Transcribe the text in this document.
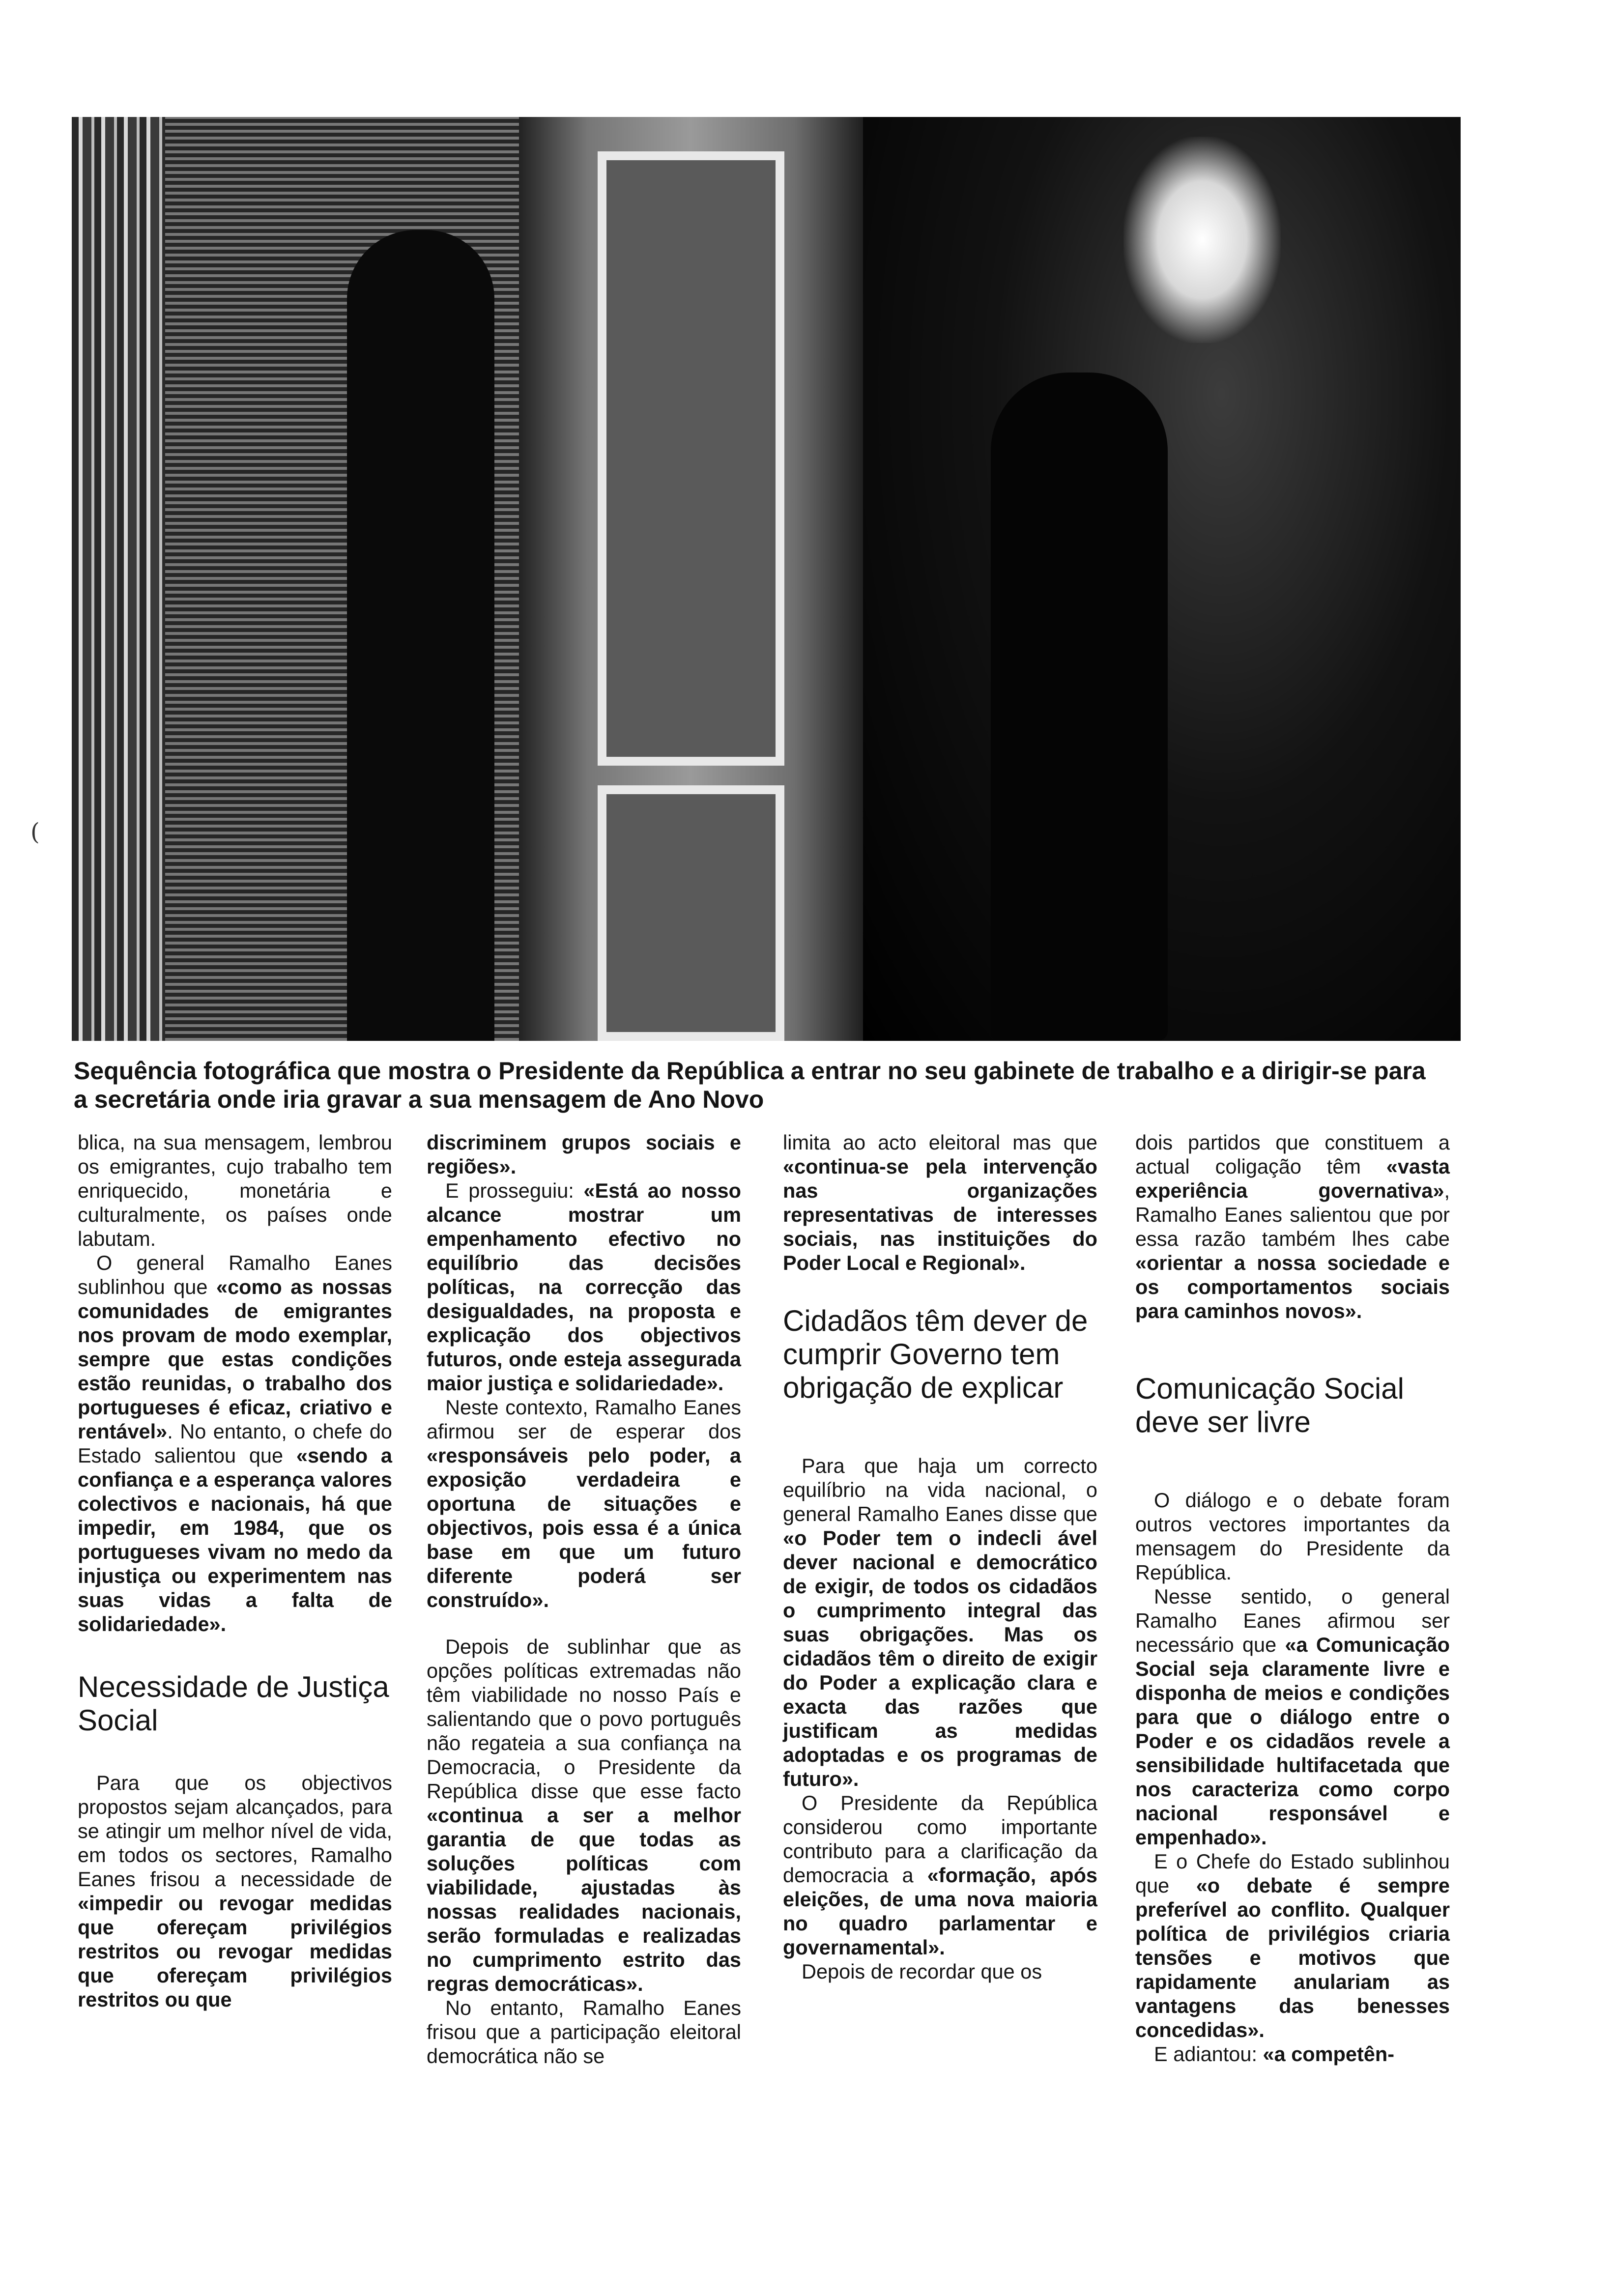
(
Sequência fotográfica que mostra o Presidente da República a entrar no seu gabinete de trabalho e a dirigir-se para a secretária onde iria gravar a sua mensagem de Ano Novo

blica, na sua mensagem, lembrou os emigrantes, cujo trabalho tem enriquecido, monetária e culturalmente, os países onde labutam.

O general Ramalho Eanes sublinhou que «como as nossas comunidades de emigrantes nos provam de modo exemplar, sempre que estas condições estão reunidas, o trabalho dos portugueses é eficaz, criativo e rentável». No entanto, o chefe do Estado salientou que «sendo a confiança e a esperança valores colectivos e nacionais, há que impedir, em 1984, que os portugueses vivam no medo da injustiça ou experimentem nas suas vidas a falta de solidariedade».

Necessidade de Justiça Social

Para que os objectivos propostos sejam alcançados, para se atingir um melhor nível de vida, em todos os sectores, Ramalho Eanes frisou a necessidade de «impedir ou revogar medidas que ofereçam privilégios restritos ou revogar medidas que ofereçam privilégios restritos ou que

discriminem grupos sociais e regiões».

E prosseguiu: «Está ao nosso alcance mostrar um empenhamento efectivo no equilíbrio das decisões políticas, na correcção das desigualdades, na proposta e explicação dos objectivos futuros, onde esteja assegurada maior justiça e solidariedade».

Neste contexto, Ramalho Eanes afirmou ser de esperar dos «responsáveis pelo poder, a exposição verdadeira e oportuna de situações e objectivos, pois essa é a única base em que um futuro diferente poderá ser construído».

Depois de sublinhar que as opções políticas extremadas não têm viabilidade no nosso País e salientando que o povo português não regateia a sua confiança na Democracia, o Presidente da República disse que esse facto «continua a ser a melhor garantia de que todas as soluções políticas com viabilidade, ajustadas às nossas realidades nacionais, serão formuladas e realizadas no cumprimento estrito das regras democráticas».

No entanto, Ramalho Eanes frisou que a participação eleitoral democrática não se

limita ao acto eleitoral mas que «continua-se pela intervenção nas organizações representativas de interesses sociais, nas instituições do Poder Local e Regional».

Cidadãos têm dever de cumprir Governo tem obrigação de explicar

Para que haja um correcto equilíbrio na vida nacional, o general Ramalho Eanes disse que «o Poder tem o indecli ável dever nacional e democrático de exigir, de todos os cidadãos o cumprimento integral das suas obrigações. Mas os cidadãos têm o direito de exigir do Poder a explicação clara e exacta das razões que justificam as medidas adoptadas e os programas de futuro».

O Presidente da República considerou como importante contributo para a clarificação da democracia a «formação, após eleições, de uma nova maioria no quadro parlamentar e governamental».

Depois de recordar que os

dois partidos que constituem a actual coligação têm «vasta experiência governativa», Ramalho Eanes salientou que por essa razão também lhes cabe «orientar a nossa sociedade e os comportamentos sociais para caminhos novos».

Comunicação Social deve ser livre

O diálogo e o debate foram outros vectores importantes da mensagem do Presidente da República.

Nesse sentido, o general Ramalho Eanes afirmou ser necessário que «a Comunicação Social seja claramente livre e disponha de meios e condições para que o diálogo entre o Poder e os cidadãos revele a sensibilidade hultifacetada que nos caracteriza como corpo nacional responsável e empenhado».

E o Chefe do Estado sublinhou que «o debate é sempre preferível ao conflito. Qualquer política de privilégios criaria tensões e motivos que rapidamente anulariam as vantagens das benesses concedidas».

E adiantou: «a competên-
